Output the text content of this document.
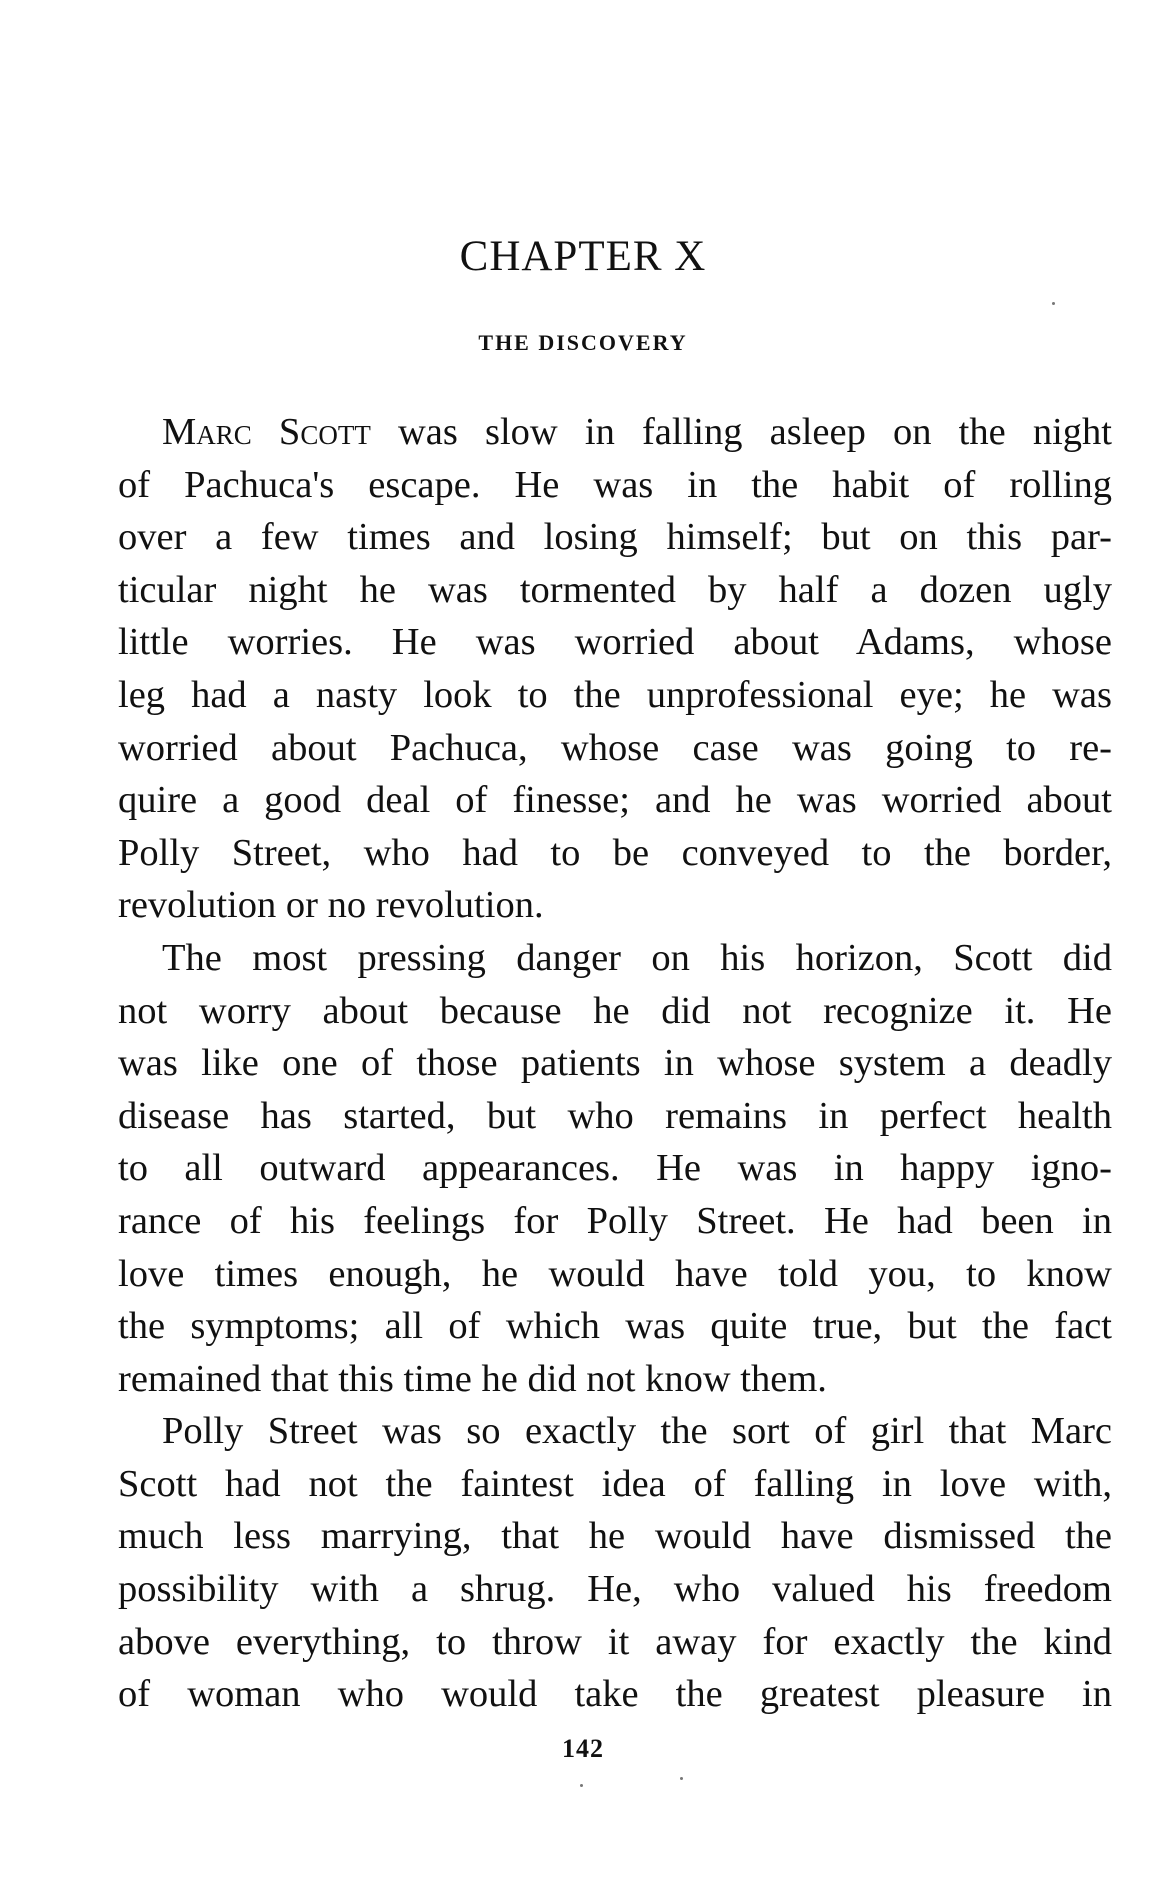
CHAPTER X
THE DISCOVERY
Marc Scott was slow in falling asleep on the night
of Pachuca's escape. He was in the habit of rolling
over a few times and losing himself; but on this par-
ticular night he was tormented by half a dozen ugly
little worries. He was worried about Adams, whose
leg had a nasty look to the unprofessional eye; he was
worried about Pachuca, whose case was going to re-
quire a good deal of finesse; and he was worried about
Polly Street, who had to be conveyed to the border,
revolution or no revolution.
The most pressing danger on his horizon, Scott did
not worry about because he did not recognize it. He
was like one of those patients in whose system a deadly
disease has started, but who remains in perfect health
to all outward appearances. He was in happy igno-
rance of his feelings for Polly Street. He had been in
love times enough, he would have told you, to know
the symptoms; all of which was quite true, but the fact
remained that this time he did not know them.
Polly Street was so exactly the sort of girl that Marc
Scott had not the faintest idea of falling in love with,
much less marrying, that he would have dismissed the
possibility with a shrug. He, who valued his freedom
above everything, to throw it away for exactly the kind
of woman who would take the greatest pleasure in
142
